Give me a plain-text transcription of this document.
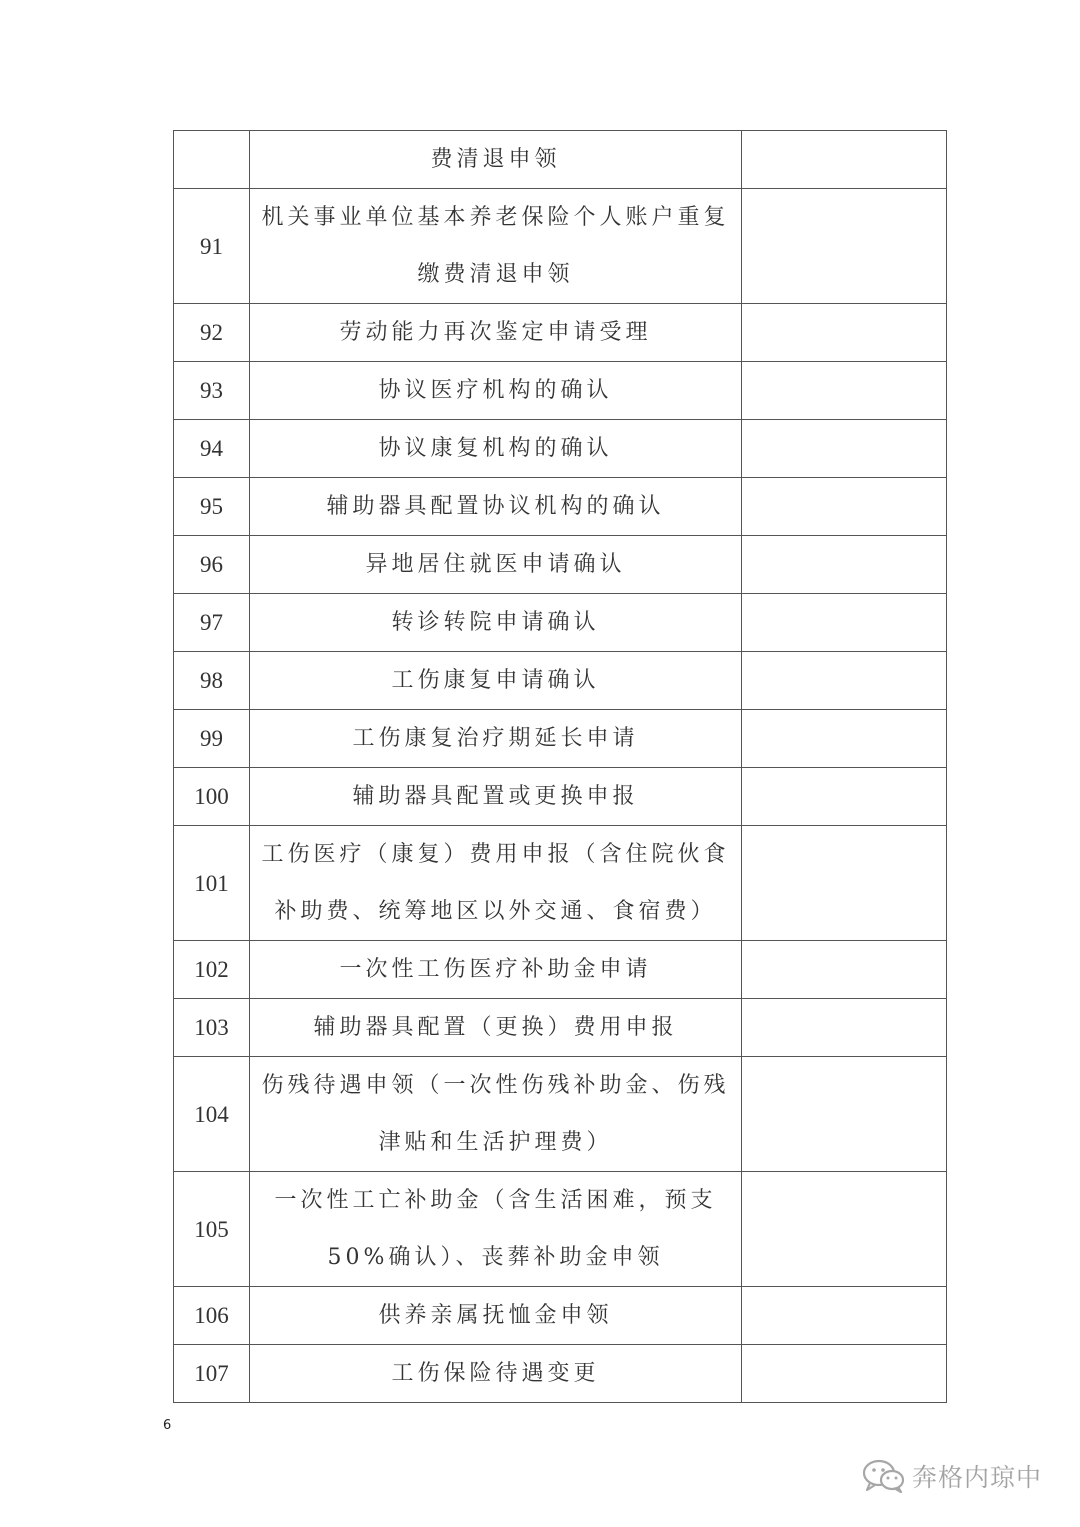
	费清退申领	

91	机关事业单位基本养老保险个人账户重复缴费清退申领	

92	劳动能力再次鉴定申请受理	

93	协议医疗机构的确认	

94	协议康复机构的确认	

95	辅助器具配置协议机构的确认	

96	异地居住就医申请确认	

97	转诊转院申请确认	

98	工伤康复申请确认	

99	工伤康复治疗期延长申请	

100	辅助器具配置或更换申报	

101	工伤医疗（康复）费用申报（含住院伙食补助费、统筹地区以外交通、食宿费）	

102	一次性工伤医疗补助金申请	

103	辅助器具配置（更换）费用申报	

104	伤残待遇申领（一次性伤残补助金、伤残津贴和生活护理费）	

105	一次性工亡补助金（含生活困难，预支50%确认）、丧葬补助金申领	

106	供养亲属抚恤金申领	

107	工伤保险待遇变更	

6
奔格内琼中
